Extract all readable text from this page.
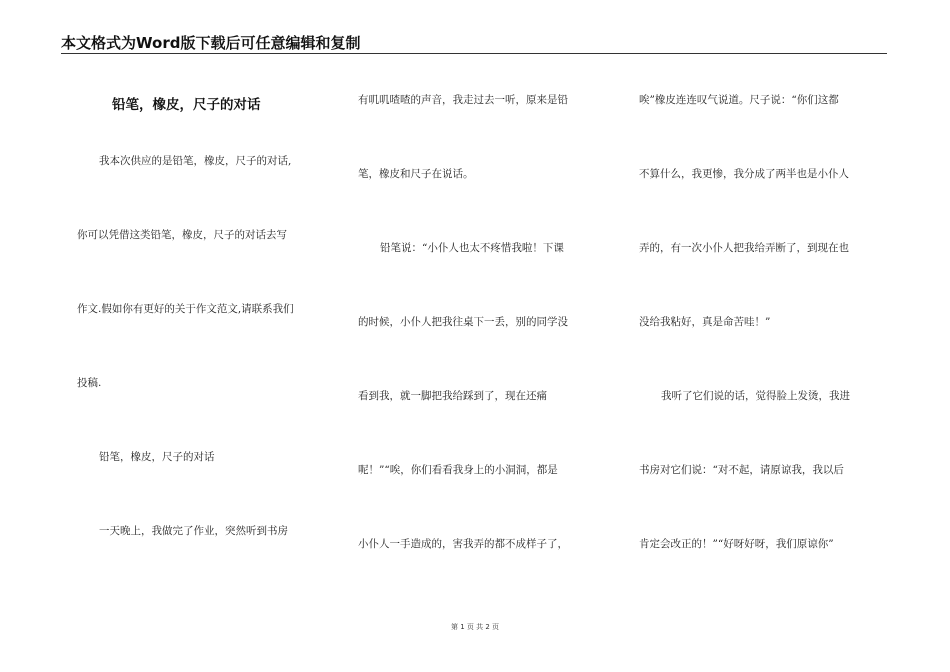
本文格式为Word版下载后可任意编辑和复制
铅笔，橡皮，尺子的对话
我本次供应的是铅笔，橡皮，尺子的对话,
你可以凭借这类铅笔，橡皮，尺子的对话去写
作文.假如你有更好的关于作文范文,请联系我们
投稿.
铅笔，橡皮，尺子的对话
一天晚上，我做完了作业，突然听到书房
有叽叽喳喳的声音，我走过去一听，原来是铅
笔，橡皮和尺子在说话。
铅笔说：“小仆人也太不疼惜我啦！下课
的时候，小仆人把我往桌下一丢，别的同学没
看到我，就一脚把我给踩到了，现在还痛
呢！”“唉，你们看看我身上的小洞洞，都是
小仆人一手造成的，害我弄的都不成样子了，
唉”橡皮连连叹气说道。尺子说：“你们这都
不算什么，我更惨，我分成了两半也是小仆人
弄的，有一次小仆人把我给弄断了，到现在也
没给我粘好，真是命苦哇！”
我听了它们说的话，觉得脸上发烫，我进
书房对它们说：“对不起，请原谅我，我以后
肯定会改正的！”“好呀好呀，我们原谅你”
第 1 页 共 2 页
